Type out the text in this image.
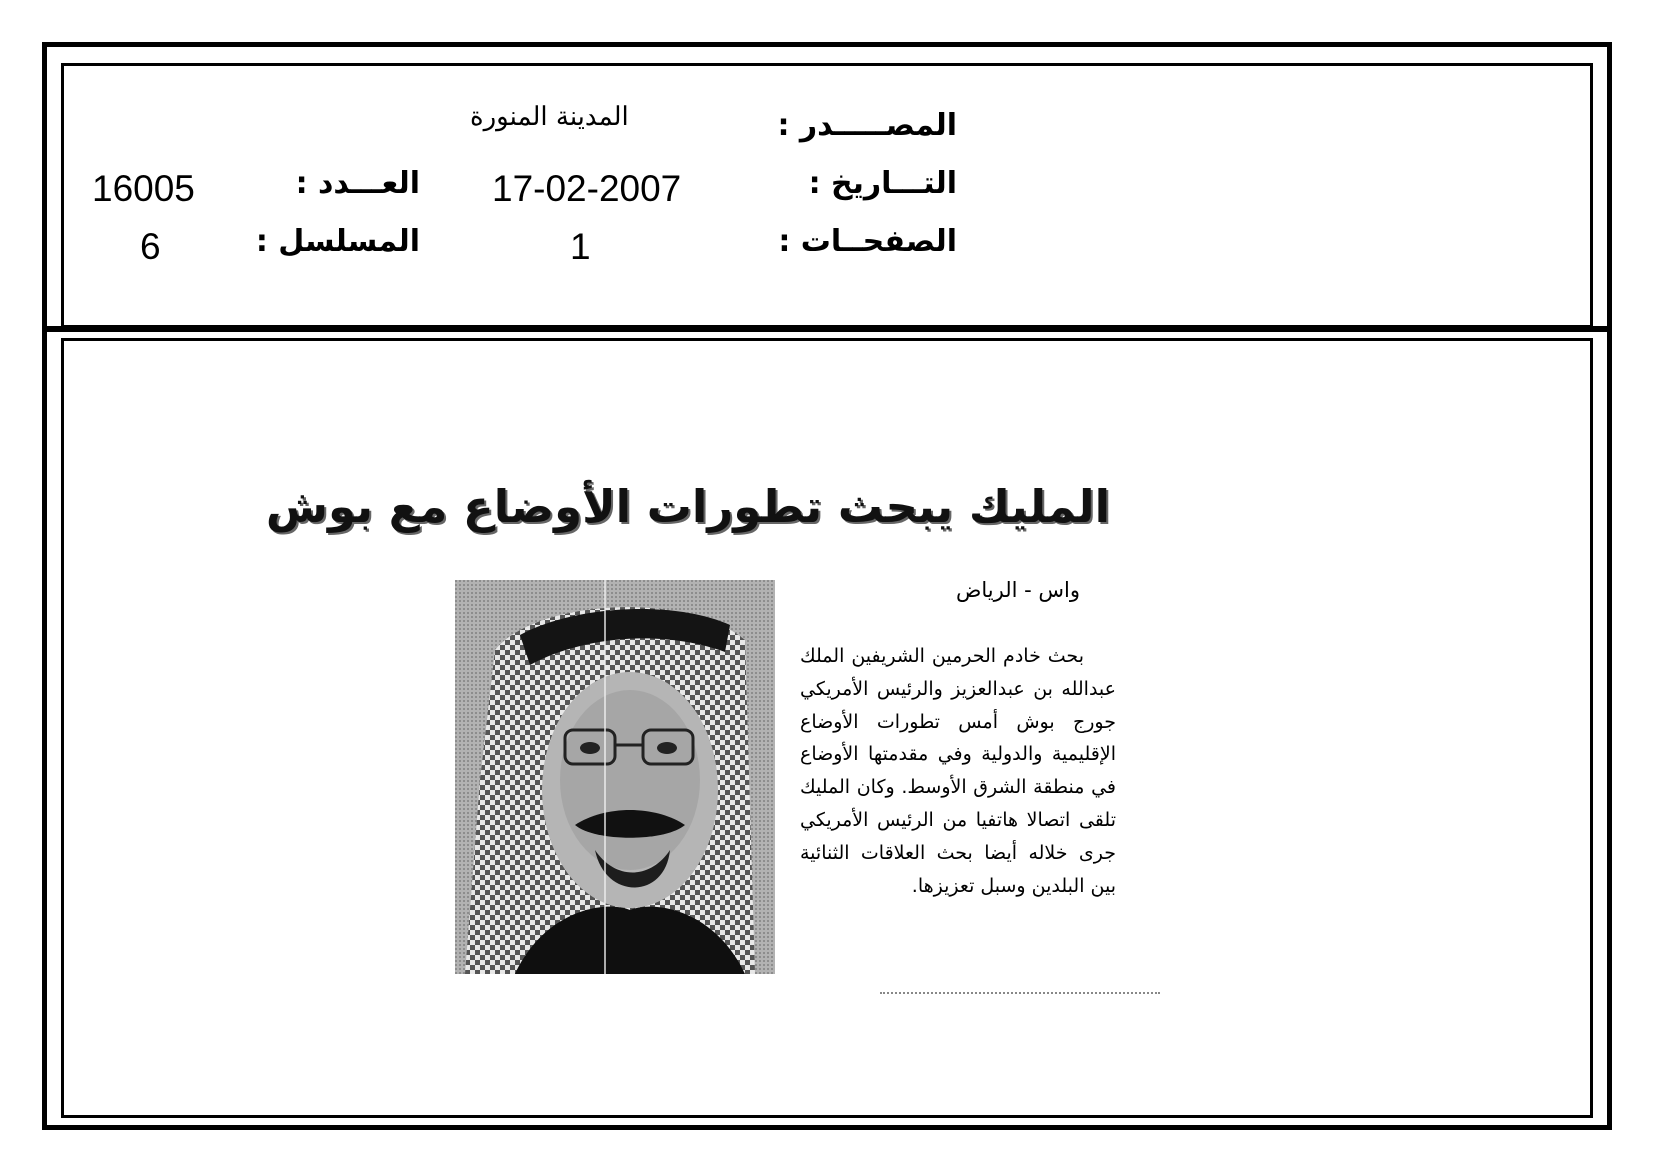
المصـــــدر :
المدينة المنورة
التـــاريخ :
17-02-2007
العـــدد :
16005
الصفحــات :
1
المسلسل :
6
المليك يبحث تطورات الأوضاع مع بوش
واس - الرياض

بحث خادم الحرمين الشريفين الملك عبدالله بن عبدالعزيز والرئيس الأمريكي جورج بوش أمس تطورات الأوضاع الإقليمية والدولية وفي مقدمتها الأوضاع في منطقة الشرق الأوسط. وكان المليك تلقى اتصالا هاتفيا من الرئيس الأمريكي جرى خلاله أيضا بحث العلاقات الثنائية بين البلدين وسبل تعزيزها.
